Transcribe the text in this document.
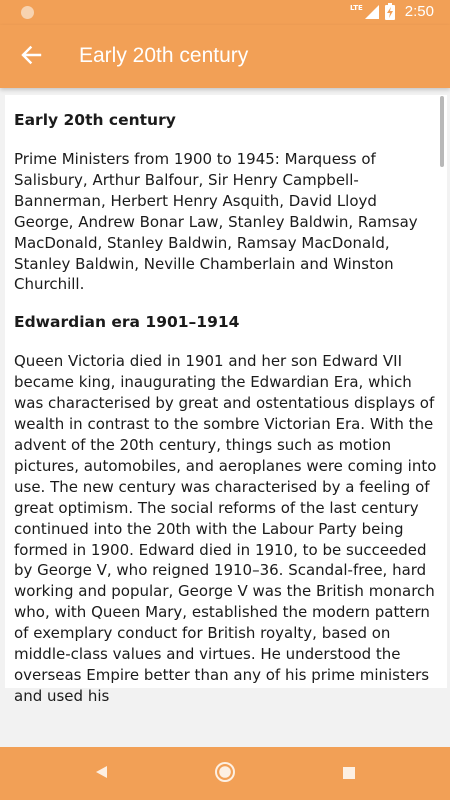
LTE	2:50
Early 20th century
Early 20th century

Prime Ministers from 1900 to 1945: Marquess of Salisbury, Arthur Balfour, Sir Henry Campbell-Bannerman, Herbert Henry Asquith, David Lloyd George, Andrew Bonar Law, Stanley Baldwin, Ramsay MacDonald, Stanley Baldwin, Ramsay MacDonald, Stanley Baldwin, Neville Chamberlain and Winston Churchill.

Edwardian era 1901–1914

Queen Victoria died in 1901 and her son Edward VII became king, inaugurating the Edwardian Era, which was characterised by great and ostentatious displays of wealth in contrast to the sombre Victorian Era. With the advent of the 20th century, things such as motion pictures, automobiles, and aeroplanes were coming into use. The new century was characterised by a feeling of great optimism. The social reforms of the last century continued into the 20th with the Labour Party being formed in 1900. Edward died in 1910, to be succeeded by George V, who reigned 1910–36. Scandal-free, hard working and popular, George V was the British monarch who, with Queen Mary, established the modern pattern of exemplary conduct for British royalty, based on middle-class values and virtues. He understood the overseas Empire better than any of his prime ministers and used his
